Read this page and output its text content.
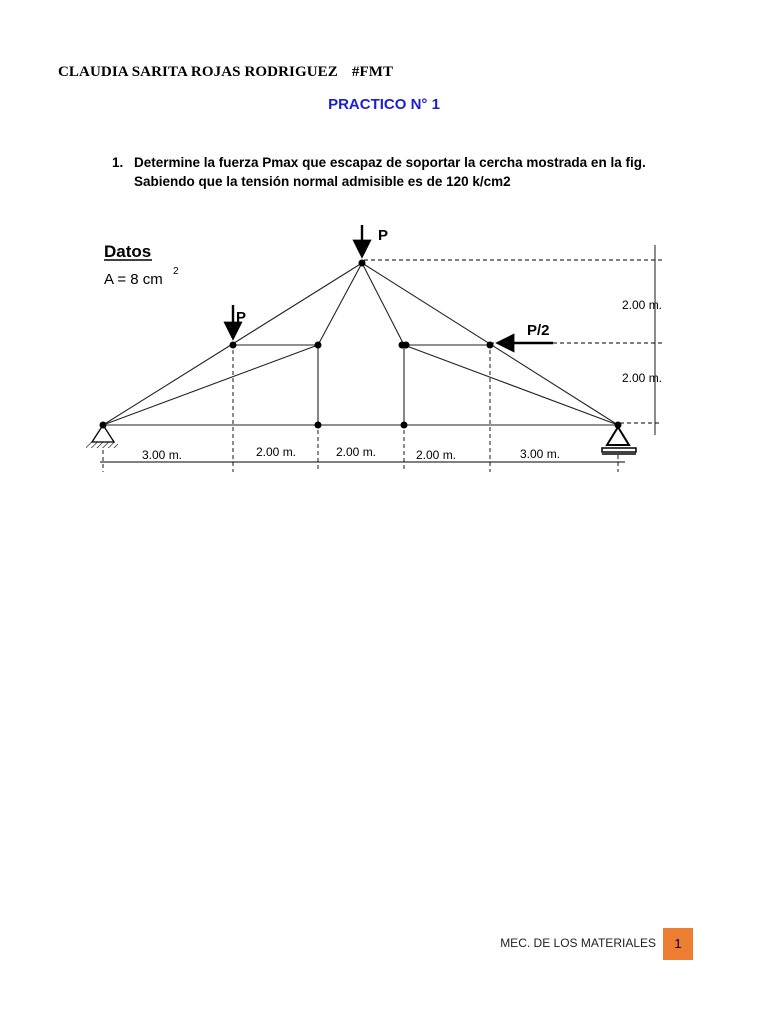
CLAUDIA SARITA ROJAS RODRIGUEZ #FMT
PRACTICO N° 1
1. Determine la fuerza Pmax que escapaz de soportar la cercha mostrada en la fig.
Sabiendo que la tensión normal admisible es de 120 k/cm2
Datos
A = 8 cm 2
P
P
P/2
2.00 m.
2.00 m.
3.00 m.	2.00 m.	2.00 m.	2.00 m.	3.00 m.
MEC. DE LOS MATERIALES	1
